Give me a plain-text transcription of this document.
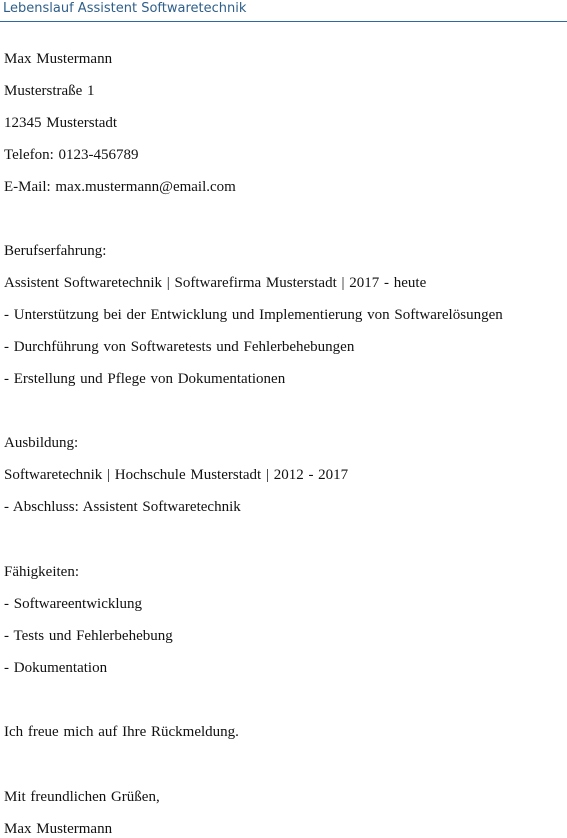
Lebenslauf Assistent Softwaretechnik
Max Mustermann
Musterstraße 1
12345 Musterstadt
Telefon: 0123-456789
E-Mail: max.mustermann@email.com
Berufserfahrung:
Assistent Softwaretechnik | Softwarefirma Musterstadt | 2017 - heute
- Unterstützung bei der Entwicklung und Implementierung von Softwarelösungen
- Durchführung von Softwaretests und Fehlerbehebungen
- Erstellung und Pflege von Dokumentationen
Ausbildung:
Softwaretechnik | Hochschule Musterstadt | 2012 - 2017
- Abschluss: Assistent Softwaretechnik
Fähigkeiten:
- Softwareentwicklung
- Tests und Fehlerbehebung
- Dokumentation
Ich freue mich auf Ihre Rückmeldung.
Mit freundlichen Grüßen,
Max Mustermann
